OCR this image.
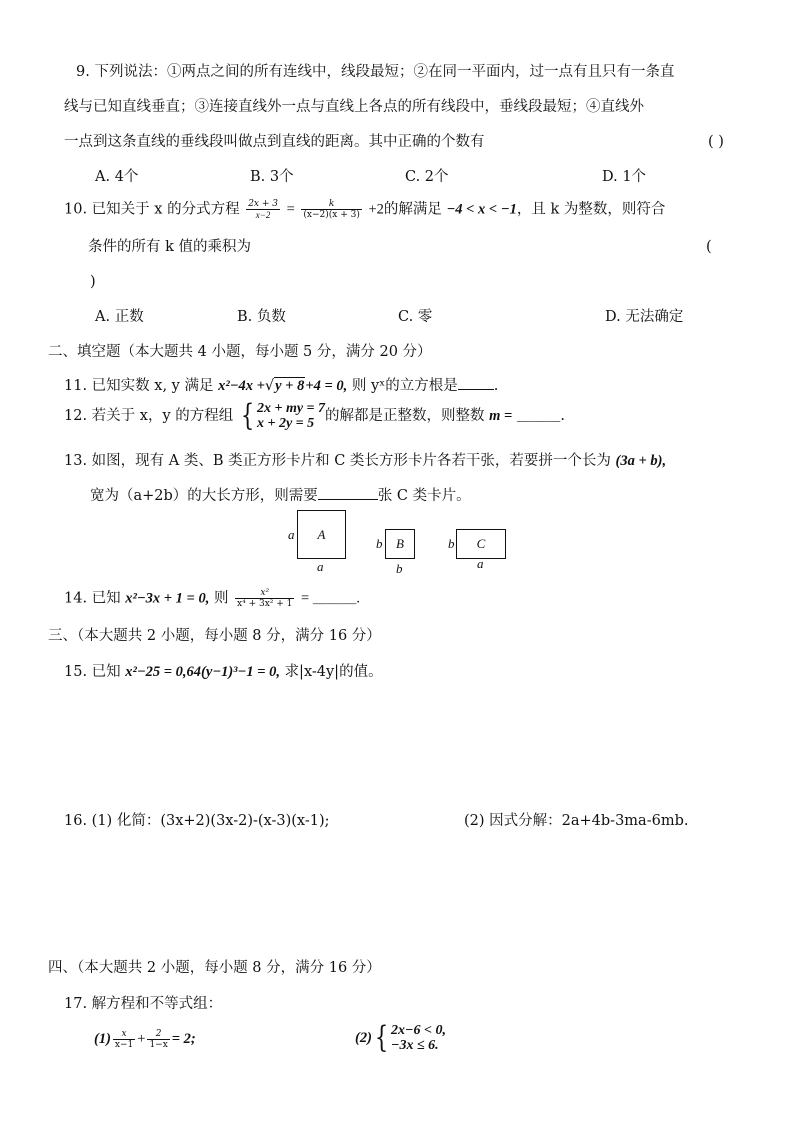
9. 下列说法：①两点之间的所有连线中，线段最短；②在同一平面内，过一点有且只有一条直
线与已知直线垂直；③连接直线外一点与直线上各点的所有线段中，垂线段最短；④直线外
一点到这条直线的垂线段叫做点到直线的距离。其中正确的个数有	( )
A. 4个	B. 3个	C. 2个	D. 1个
10. 已知关于 x 的分式方程 $\frac{2x + 3}{x-2} = \frac{k}{(x-2)(x + 3)} +2$的解满足 −4 < x < −1，且 k 为整数，则符合
条件的所有 k 值的乘积为	(
)
A. 正数	B. 负数	C. 零	D. 无法确定
二、填空题（本大题共 4 小题，每小题 5 分，满分 20 分）
11. 已知实数 x, y 满足 x²−4x +√y + 8+4 = 0, 则 yˣ的立方根是 .
12. 若关于 x，y 的方程组 { 2x + my = 7
x + 2y = 5 的解都是正整数，则整数 m = ＿＿＿.
13. 如图，现有 A 类、B 类正方形卡片和 C 类长方形卡片各若干张，若要拼一个长为 (3a + b),
宽为（a+2b）的大长方形，则需要	张 C 类卡片。
a A
a
b B
b
b C
a
14. 已知 x²−3x + 1 = 0, 则 $\frac{\text{x²}}{\text{x⁴ + 3x² + 1}}$ = ＿＿＿.
三、（本大题共 2 小题，每小题 8 分，满分 16 分）
15. 已知 x²−25 = 0,64(y−1)³−1 = 0, 求|x-4y|的值。
16. (1) 化简：(3x+2)(3x-2)-(x-3)(x-1);	(2) 因式分解：2a+4b-3ma-6mb.
四、（本大题共 2 小题，每小题 8 分，满分 16 分）
17. 解方程和不等式组：
$(1) \frac{x}{x-1} + \frac{2}{1-x} = 2$;	(2){ 2x−6 < 0,
−3x ≤ 6.
